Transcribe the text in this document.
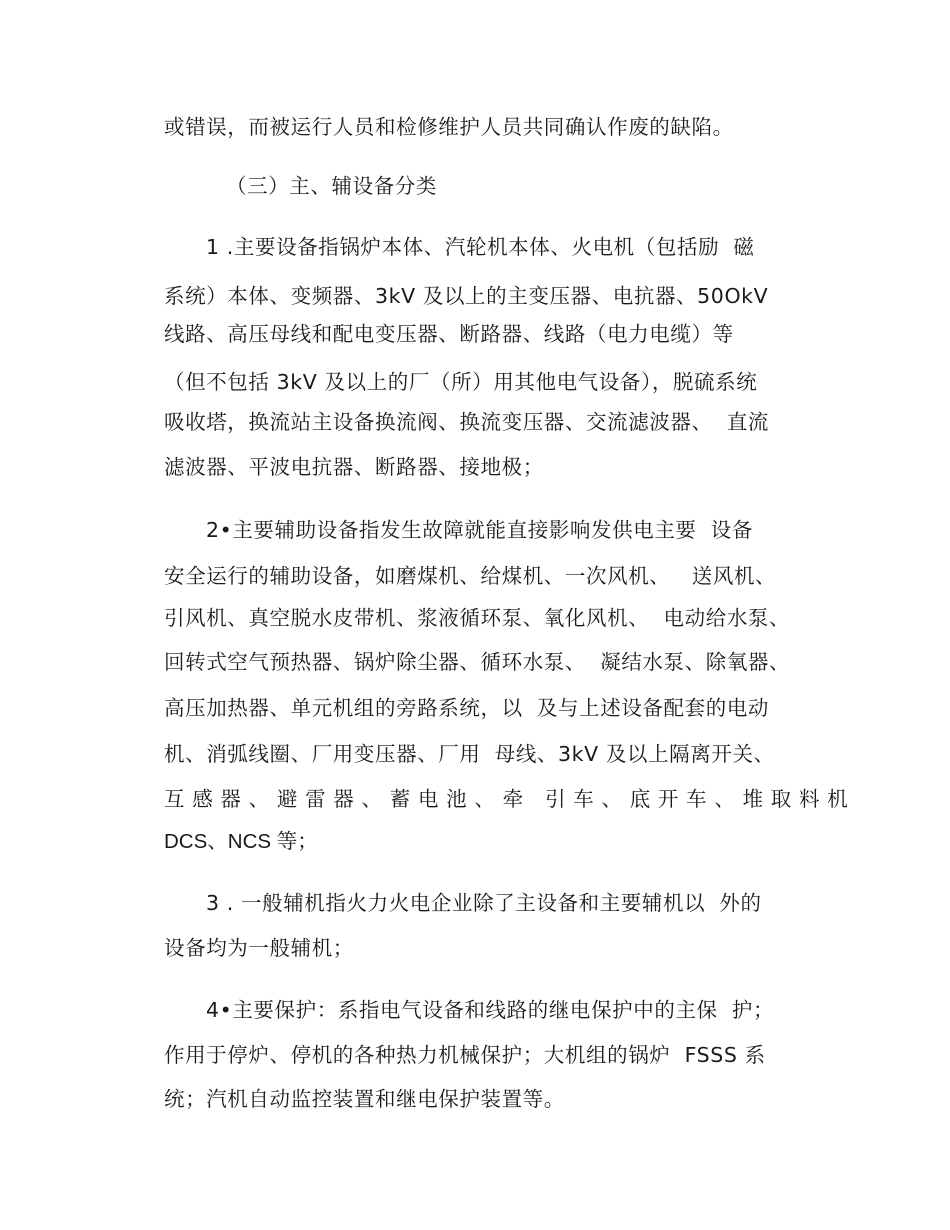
或错误，而被运行人员和检修维护人员共同确认作废的缺陷。
（三）主、辅设备分类
1 .主要设备指锅炉本体、汽轮机本体、火电机（包括励  磁
系统）本体、变频器、3kV 及以上的主变压器、电抗器、50OkV
线路、高压母线和配电变压器、断路器、线路（电力电缆）等
（但不包括 3kV 及以上的厂（所）用其他电气设备），脱硫系统
吸收塔，换流站主设备换流阀、换流变压器、交流滤波器、  直流
滤波器、平波电抗器、断路器、接地极；
2•主要辅助设备指发生故障就能直接影响发供电主要  设备
安全运行的辅助设备，如磨煤机、给煤机、一次风机、   送风机、
引风机、真空脱水皮带机、浆液循环泵、氧化风机、  电动给水泵、
回转式空气预热器、锅炉除尘器、循环水泵、  凝结水泵、除氧器、
高压加热器、单元机组的旁路系统，以  及与上述设备配套的电动
机、消弧线圈、厂用变压器、厂用  母线、3kV 及以上隔离开关、
互 感 器 、 避 雷 器 、 蓄 电 池 、 牵   引 车 、 底 开 车 、 堆 取 料 机
DCS、NCS 等；
3 . 一般辅机指火力火电企业除了主设备和主要辅机以  外的
设备均为一般辅机；
4•主要保护：系指电气设备和线路的继电保护中的主保  护；
作用于停炉、停机的各种热力机械保护；大机组的锅炉  FSSS 系
统；汽机自动监控装置和继电保护装置等。
